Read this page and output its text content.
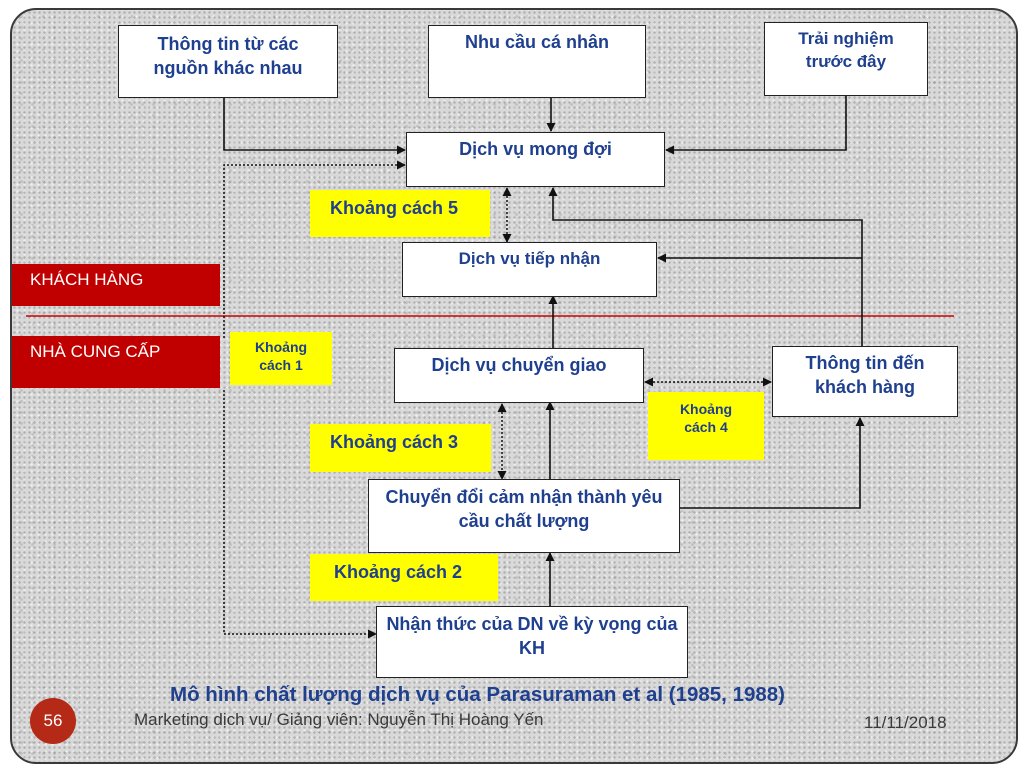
KHÁCH HÀNG
NHÀ CUNG CẤP
Thông tin từ các nguồn khác nhau
Nhu cầu cá nhân	Trải nghiệm trước đây
Dịch vụ mong đợi
Khoảng cách 5
Dịch vụ tiếp nhận
Khoảng cách 1	Dịch vụ chuyển giao	Thông tin đến khách hàng
Khoảng cách 4
Khoảng cách 3
Chuyển đổi cảm nhận thành yêu cầu chất lượng
Khoảng cách 2
Nhận thức của DN về kỳ vọng của KH
Mô hình chất lượng dịch vụ của Parasuraman et al (1985, 1988)
56	Marketing dịch vụ/ Giảng viên: Nguyễn Thị Hoàng Yến	11/11/2018
